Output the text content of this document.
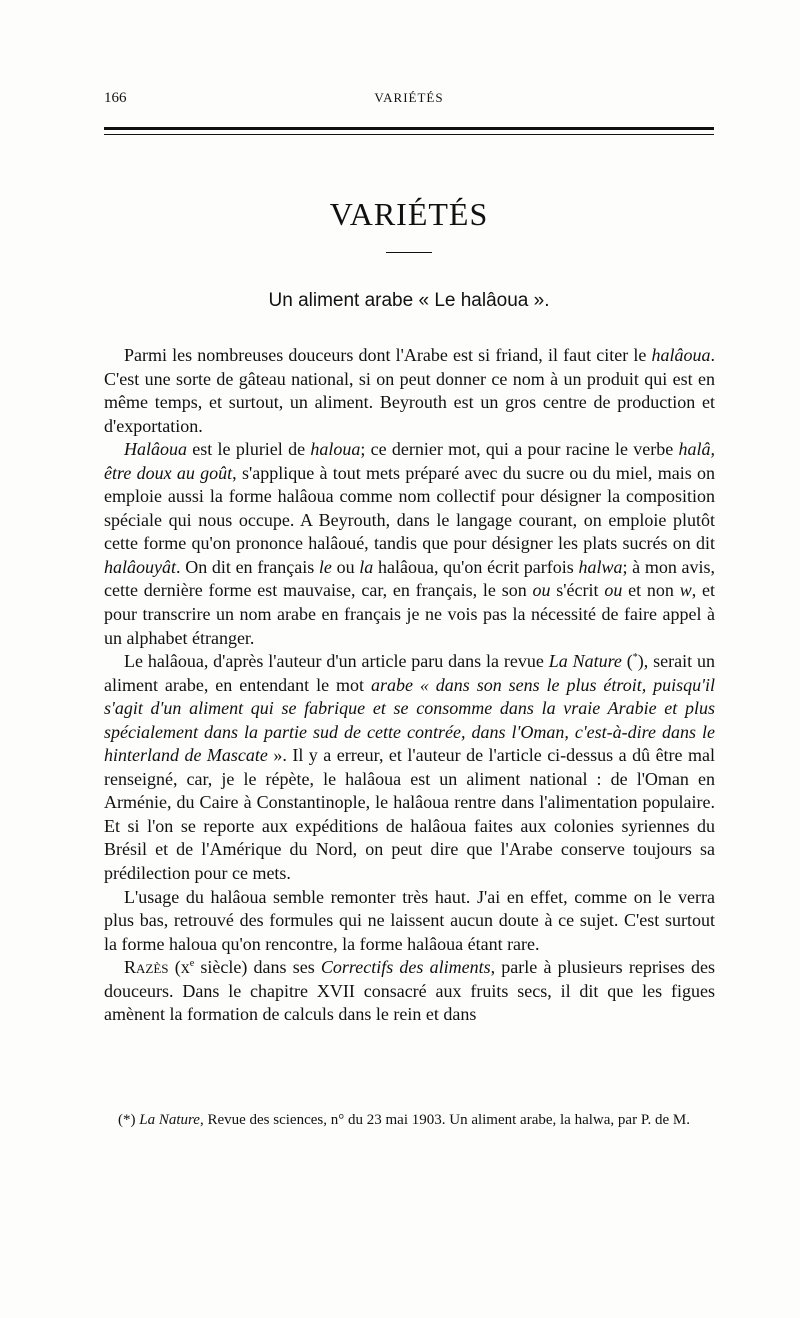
166	VARIÉTÉS
VARIÉTÉS
Un aliment arabe « Le halâoua ».

Parmi les nombreuses douceurs dont l'Arabe est si friand, il faut citer le halâoua. C'est une sorte de gâteau national, si on peut donner ce nom à un produit qui est en même temps, et surtout, un aliment. Beyrouth est un gros centre de production et d'exportation.

Halâoua est le pluriel de haloua; ce dernier mot, qui a pour racine le verbe halâ, être doux au goût, s'applique à tout mets préparé avec du sucre ou du miel, mais on emploie aussi la forme halâoua comme nom collectif pour désigner la composition spéciale qui nous occupe. A Beyrouth, dans le langage courant, on emploie plutôt cette forme qu'on prononce halâoué, tandis que pour désigner les plats sucrés on dit halâouyât. On dit en français le ou la halâoua, qu'on écrit parfois halwa; à mon avis, cette dernière forme est mauvaise, car, en français, le son ou s'écrit ou et non w, et pour transcrire un nom arabe en français je ne vois pas la nécessité de faire appel à un alphabet étranger.

Le halâoua, d'après l'auteur d'un article paru dans la revue La Nature (*), serait un aliment arabe, en entendant le mot arabe « dans son sens le plus étroit, puisqu'il s'agit d'un aliment qui se fabrique et se consomme dans la vraie Arabie et plus spécialement dans la partie sud de cette contrée, dans l'Oman, c'est-à-dire dans le hinterland de Mascate ». Il y a erreur, et l'auteur de l'article ci-dessus a dû être mal renseigné, car, je le répète, le halâoua est un aliment national : de l'Oman en Arménie, du Caire à Constantinople, le halâoua rentre dans l'alimentation populaire. Et si l'on se reporte aux expéditions de halâoua faites aux colonies syriennes du Brésil et de l'Amérique du Nord, on peut dire que l'Arabe conserve toujours sa prédilection pour ce mets.

L'usage du halâoua semble remonter très haut. J'ai en effet, comme on le verra plus bas, retrouvé des formules qui ne laissent aucun doute à ce sujet. C'est surtout la forme haloua qu'on rencontre, la forme halâoua étant rare.

Razès ($x^e$ siècle) dans ses Correctifs des aliments, parle à plusieurs reprises des douceurs. Dans le chapitre XVII consacré aux fruits secs, il dit que les figues amènent la formation de calculs dans le rein et dans

(*) La Nature, Revue des sciences, n° du 23 mai 1903. Un aliment arabe, la halwa, par P. de M.
